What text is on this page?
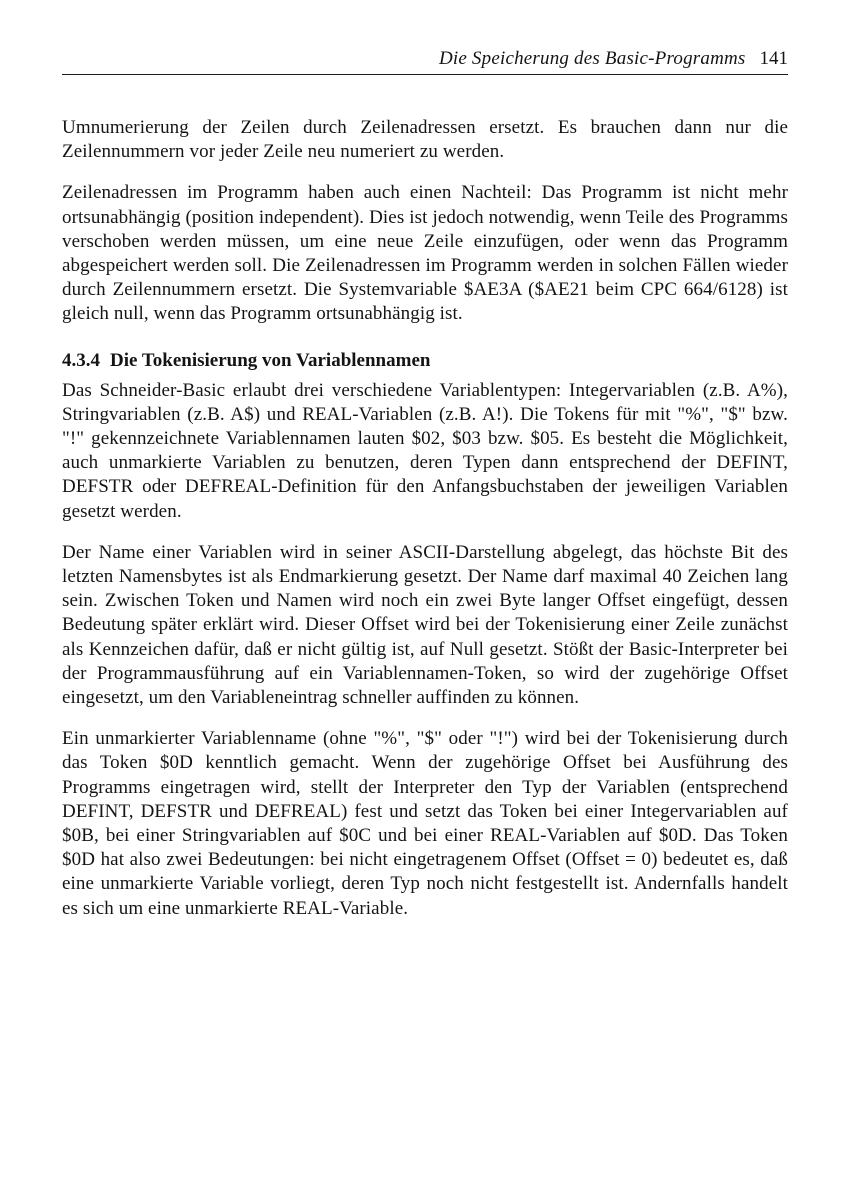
Die Speicherung des Basic-Programms 141

Umnumerierung der Zeilen durch Zeilenadressen ersetzt. Es brauchen dann nur die Zeilennummern vor jeder Zeile neu numeriert zu werden.

Zeilenadressen im Programm haben auch einen Nachteil: Das Programm ist nicht mehr ortsunabhängig (position independent). Dies ist jedoch notwendig, wenn Teile des Programms verschoben werden müssen, um eine neue Zeile einzufügen, oder wenn das Programm abgespeichert werden soll. Die Zeilenadressen im Programm werden in solchen Fällen wieder durch Zeilennummern ersetzt. Die Systemvariable $AE3A ($AE21 beim CPC 664/6128) ist gleich null, wenn das Programm ortsunabhängig ist.

4.3.4 Die Tokenisierung von Variablennamen

Das Schneider-Basic erlaubt drei verschiedene Variablentypen: Integervariablen (z.B. A%), Stringvariablen (z.B. A$) und REAL-Variablen (z.B. A!). Die Tokens für mit "%", "$" bzw. "!" gekennzeichnete Variablennamen lauten $02, $03 bzw. $05. Es besteht die Möglichkeit, auch unmarkierte Variablen zu benutzen, deren Typen dann entsprechend der DEFINT, DEFSTR oder DEFREAL-Definition für den Anfangsbuchstaben der jeweiligen Variablen gesetzt werden.

Der Name einer Variablen wird in seiner ASCII-Darstellung abgelegt, das höchste Bit des letzten Namensbytes ist als Endmarkierung gesetzt. Der Name darf maximal 40 Zeichen lang sein. Zwischen Token und Namen wird noch ein zwei Byte langer Offset eingefügt, dessen Bedeutung später erklärt wird. Dieser Offset wird bei der Tokenisierung einer Zeile zunächst als Kennzeichen dafür, daß er nicht gültig ist, auf Null gesetzt. Stößt der Basic-Interpreter bei der Programmausführung auf ein Variablennamen-Token, so wird der zugehörige Offset eingesetzt, um den Variableneintrag schneller auffinden zu können.

Ein unmarkierter Variablenname (ohne "%", "$" oder "!") wird bei der Tokenisierung durch das Token $0D kenntlich gemacht. Wenn der zugehörige Offset bei Ausführung des Programms eingetragen wird, stellt der Interpreter den Typ der Variablen (entsprechend DEFINT, DEFSTR und DEFREAL) fest und setzt das Token bei einer Integervariablen auf $0B, bei einer Stringvariablen auf $0C und bei einer REAL-Variablen auf $0D. Das Token $0D hat also zwei Bedeutungen: bei nicht eingetragenem Offset (Offset = 0) bedeutet es, daß eine unmarkierte Variable vorliegt, deren Typ noch nicht festgestellt ist. Andernfalls handelt es sich um eine unmarkierte REAL-Variable.
